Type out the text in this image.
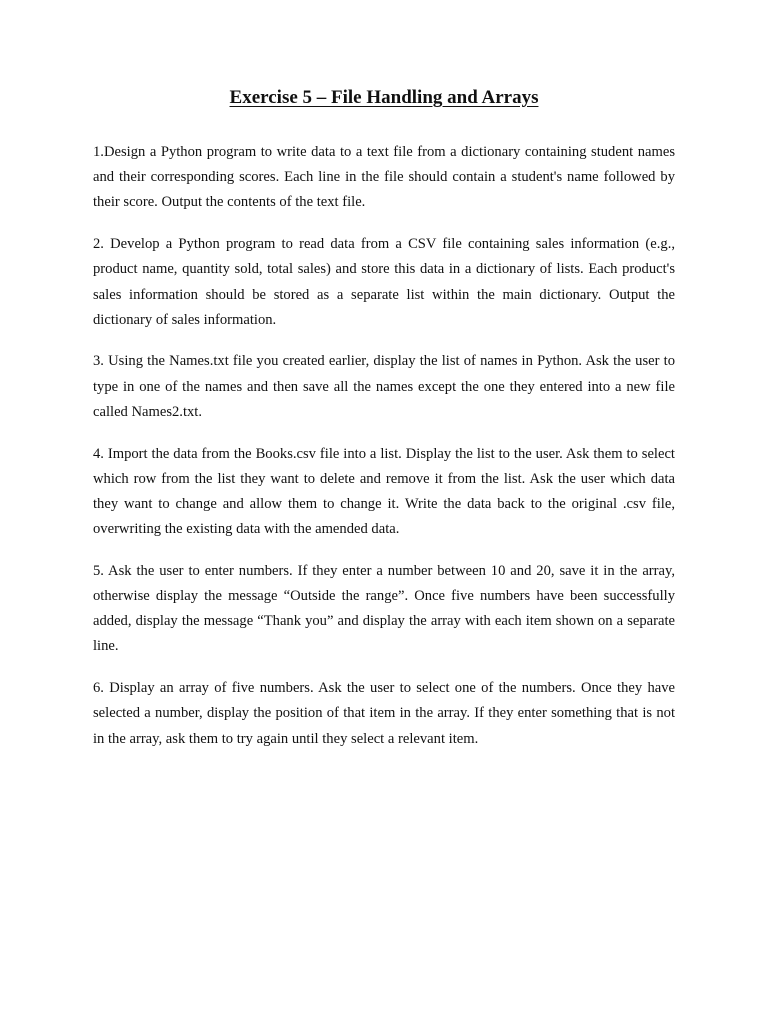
Exercise 5 – File Handling and Arrays

1.Design a Python program to write data to a text file from a dictionary containing student names and their corresponding scores. Each line in the file should contain a student's name followed by their score. Output the contents of the text file.

2. Develop a Python program to read data from a CSV file containing sales information (e.g., product name, quantity sold, total sales) and store this data in a dictionary of lists. Each product's sales information should be stored as a separate list within the main dictionary. Output the dictionary of sales information.

3. Using the Names.txt file you created earlier, display the list of names in Python. Ask the user to type in one of the names and then save all the names except the one they entered into a new file called Names2.txt.

4. Import the data from the Books.csv file into a list. Display the list to the user. Ask them to select which row from the list they want to delete and remove it from the list. Ask the user which data they want to change and allow them to change it. Write the data back to the original .csv file, overwriting the existing data with the amended data.

5. Ask the user to enter numbers. If they enter a number between 10 and 20, save it in the array, otherwise display the message “Outside the range”. Once five numbers have been successfully added, display the message “Thank you” and display the array with each item shown on a separate line.

6. Display an array of five numbers. Ask the user to select one of the numbers. Once they have selected a number, display the position of that item in the array. If they enter something that is not in the array, ask them to try again until they select a relevant item.
